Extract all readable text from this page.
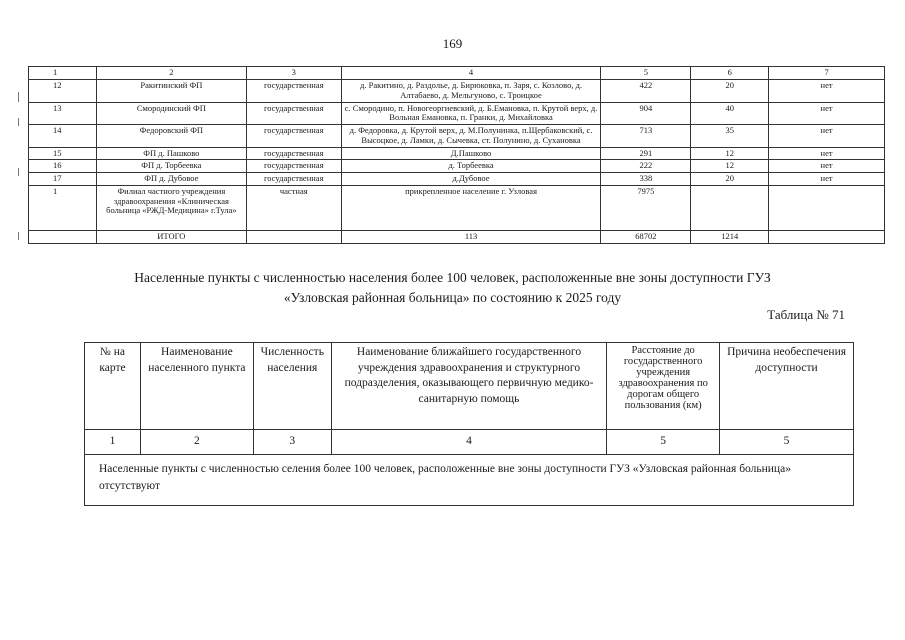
169
1	2	3	4	5	6	7
12	Ракитинский ФП	государственная	д. Ракитино, д. Раздолье, д. Бирюковка, п. Заря, с. Козлово, д. Алтабаево, д. Мельгуново, с. Троицкое	422	20	нет
13	Смородинский ФП	государственная	с. Смородино, п. Новогеоргиевский, д. Б.Емановка, п. Крутой верх, д. Вольная Емановка, п. Гранки, д. Михайловка	904	40	нет
14	Федоровский ФП	государственная	д. Федоровка, д. Крутой верх, д. М.Полунинка, п.Щербаковский, с. Высоцкое, д. Ламки, д. Сычевка, ст. Полунино, д. Сухановка	713	35	нет
15	ФП д. Пашково	государственная	Д.Пашково	291	12	нет
16	ФП д. Торбеевка	государственная	д. Торбеевка	222	12	нет
17	ФП д. Дубовое	государственная	д.Дубовое	338	20	нет
1	Филиал частного учреждения здравоохранения «Клиническая больница «РЖД-Медицина» г.Тула»	частная	прикрепленное население г. Узловая	7975		
	ИТОГО		113	68702	1214	
Населенные пункты с численностью населения более 100 человек, расположенные вне зоны доступности ГУЗ
«Узловская районная больница» по состоянию к 2025 году
Таблица № 71
№ на карте	Наименование населенного пункта	Численность населения	Наименование ближайшего государственного учреждения здравоохранения и структурного подразделения, оказывающего первичную медико-санитарную помощь	Расстояние до государственного учреждения здравоохранения по дорогам общего пользования (км)	Причина необеспечения доступности
1	2	3	4	5	5
Населенные пункты с численностью селения более 100 человек, расположенные вне зоны доступности ГУЗ «Узловская районная больница» отсутствуют					
